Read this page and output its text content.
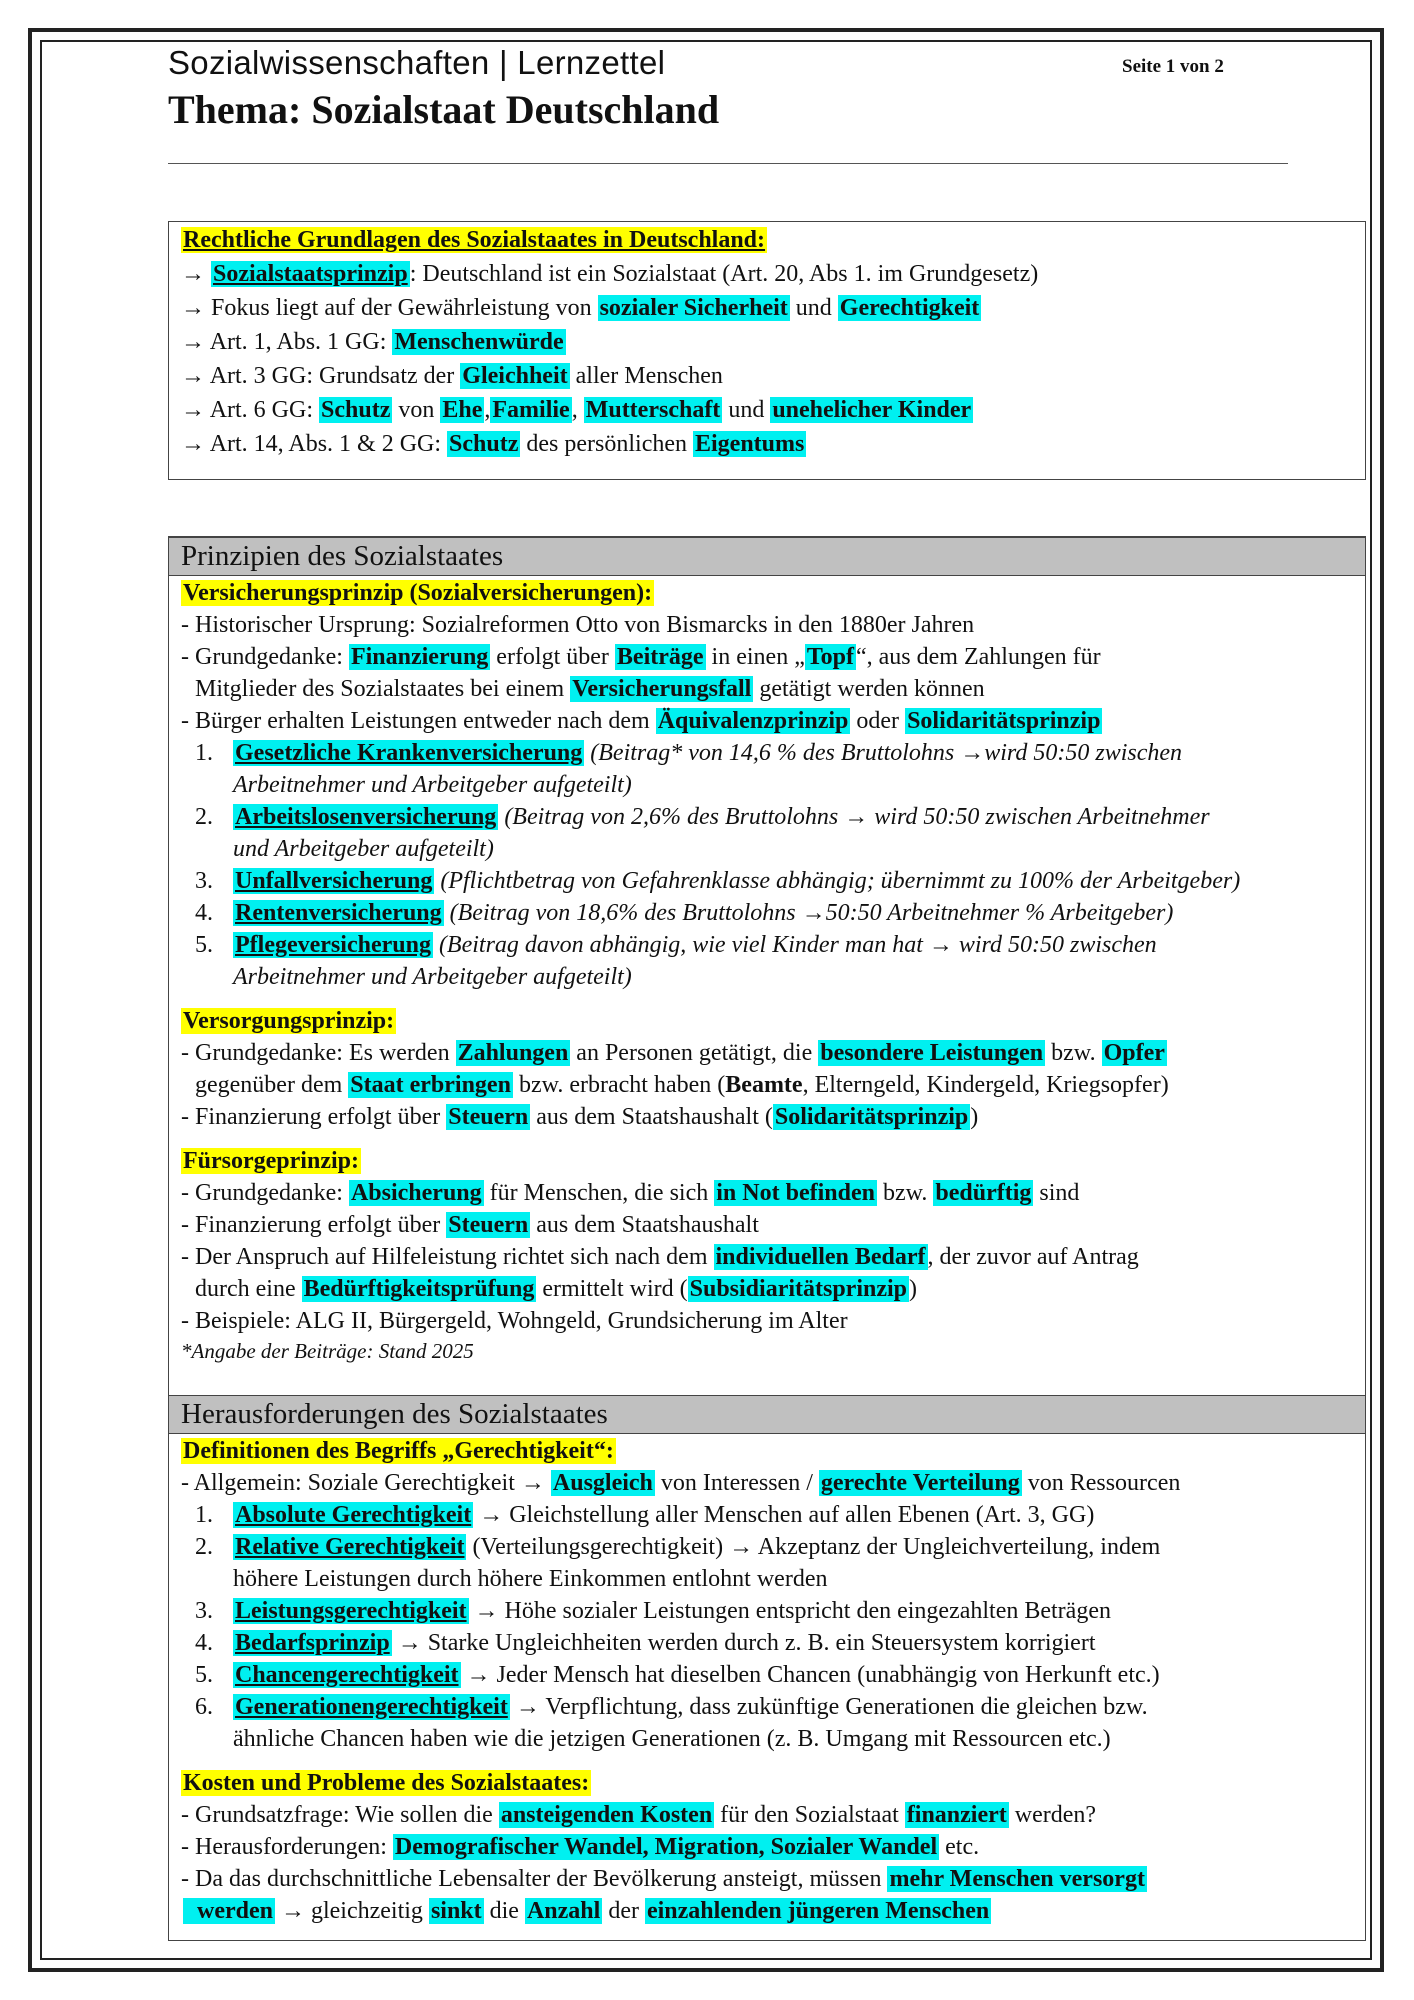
Sozialwissenschaften | Lernzettel	Seite 1 von 2
Thema: Sozialstaat Deutschland
Rechtliche Grundlagen des Sozialstaates in Deutschland:
→ Sozialstaatsprinzip: Deutschland ist ein Sozialstaat (Art. 20, Abs 1. im Grundgesetz)
→ Fokus liegt auf der Gewährleistung von sozialer Sicherheit und Gerechtigkeit
→ Art. 1, Abs. 1 GG: Menschenwürde
→ Art. 3 GG: Grundsatz der Gleichheit aller Menschen
→ Art. 6 GG: Schutz von Ehe,Familie, Mutterschaft und unehelicher Kinder
→ Art. 14, Abs. 1 & 2 GG: Schutz des persönlichen Eigentums
Prinzipien des Sozialstaates
Versicherungsprinzip (Sozialversicherungen):
- Historischer Ursprung: Sozialreformen Otto von Bismarcks in den 1880er Jahren
- Grundgedanke: Finanzierung erfolgt über Beiträge in einen „Topf“, aus dem Zahlungen für
Mitglieder des Sozialstaates bei einem Versicherungsfall getätigt werden können
- Bürger erhalten Leistungen entweder nach dem Äquivalenzprinzip oder Solidaritätsprinzip
1. Gesetzliche Krankenversicherung (Beitrag* von 14,6 % des Bruttolohns →wird 50:50 zwischen
Arbeitnehmer und Arbeitgeber aufgeteilt)
2. Arbeitslosenversicherung (Beitrag von 2,6% des Bruttolohns → wird 50:50 zwischen Arbeitnehmer
und Arbeitgeber aufgeteilt)
3. Unfallversicherung (Pflichtbetrag von Gefahrenklasse abhängig; übernimmt zu 100% der Arbeitgeber)
4. Rentenversicherung (Beitrag von 18,6% des Bruttolohns →50:50 Arbeitnehmer % Arbeitgeber)
5. Pflegeversicherung (Beitrag davon abhängig, wie viel Kinder man hat → wird 50:50 zwischen
Arbeitnehmer und Arbeitgeber aufgeteilt)
Versorgungsprinzip:
- Grundgedanke: Es werden Zahlungen an Personen getätigt, die besondere Leistungen bzw. Opfer
gegenüber dem Staat erbringen bzw. erbracht haben (Beamte, Elterngeld, Kindergeld, Kriegsopfer)
- Finanzierung erfolgt über Steuern aus dem Staatshaushalt (Solidaritätsprinzip)
Fürsorgeprinzip:
- Grundgedanke: Absicherung für Menschen, die sich in Not befinden bzw. bedürftig sind
- Finanzierung erfolgt über Steuern aus dem Staatshaushalt
- Der Anspruch auf Hilfeleistung richtet sich nach dem individuellen Bedarf, der zuvor auf Antrag
durch eine Bedürftigkeitsprüfung ermittelt wird (Subsidiaritätsprinzip)
- Beispiele: ALG II, Bürgergeld, Wohngeld, Grundsicherung im Alter
*Angabe der Beiträge: Stand 2025
Herausforderungen des Sozialstaates
Definitionen des Begriffs „Gerechtigkeit“:
- Allgemein: Soziale Gerechtigkeit → Ausgleich von Interessen / gerechte Verteilung von Ressourcen
1. Absolute Gerechtigkeit → Gleichstellung aller Menschen auf allen Ebenen (Art. 3, GG)
2. Relative Gerechtigkeit (Verteilungsgerechtigkeit) → Akzeptanz der Ungleichverteilung, indem
höhere Leistungen durch höhere Einkommen entlohnt werden
3. Leistungsgerechtigkeit → Höhe sozialer Leistungen entspricht den eingezahlten Beträgen
4. Bedarfsprinzip → Starke Ungleichheiten werden durch z. B. ein Steuersystem korrigiert
5. Chancengerechtigkeit → Jeder Mensch hat dieselben Chancen (unabhängig von Herkunft etc.)
6. Generationengerechtigkeit → Verpflichtung, dass zukünftige Generationen die gleichen bzw.
ähnliche Chancen haben wie die jetzigen Generationen (z. B. Umgang mit Ressourcen etc.)
Kosten und Probleme des Sozialstaates:
- Grundsatzfrage: Wie sollen die ansteigenden Kosten für den Sozialstaat finanziert werden?
- Herausforderungen: Demografischer Wandel, Migration, Sozialer Wandel etc.
- Da das durchschnittliche Lebensalter der Bevölkerung ansteigt, müssen mehr Menschen versorgt
werden → gleichzeitig sinkt die Anzahl der einzahlenden jüngeren Menschen
